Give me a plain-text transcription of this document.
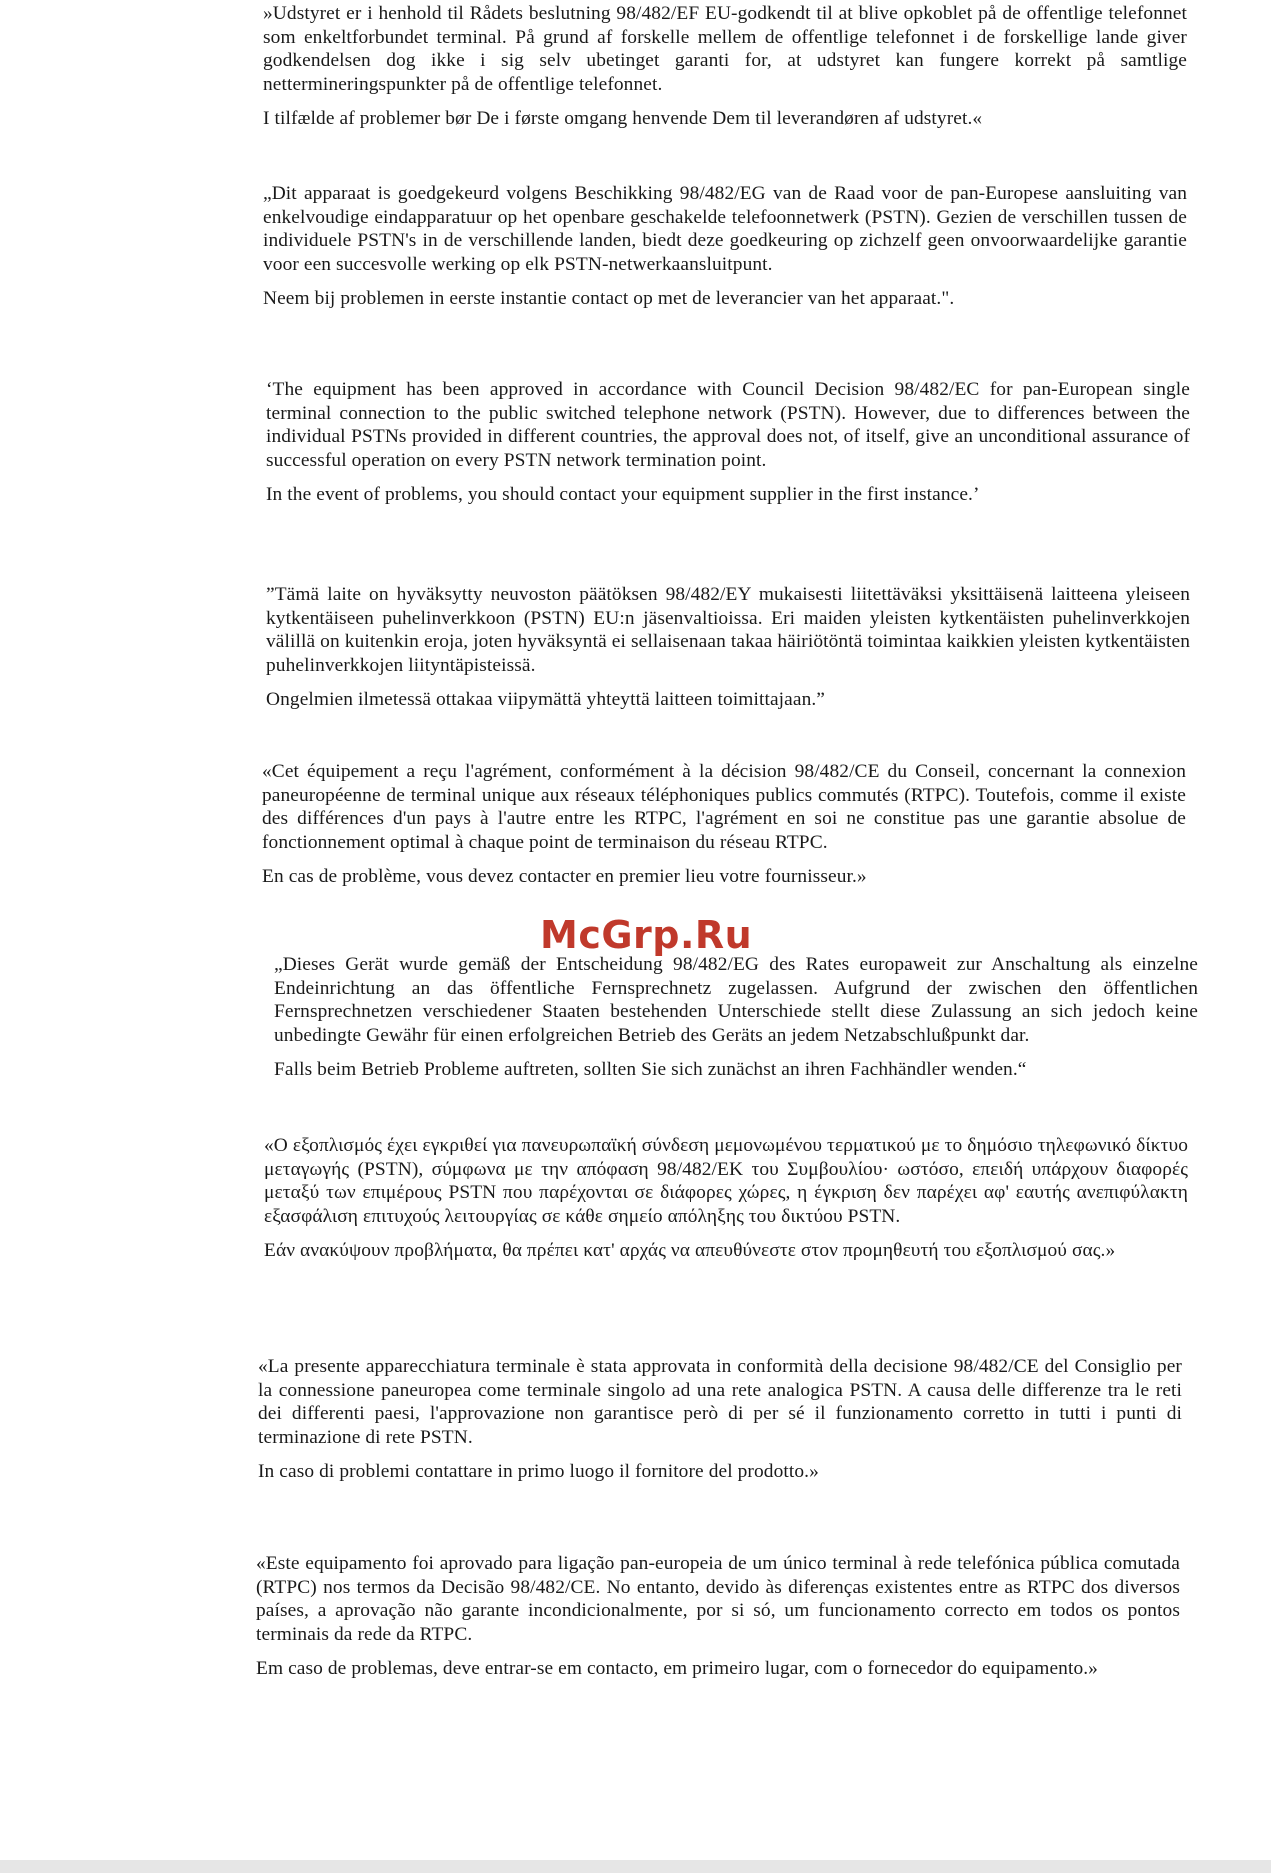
»Udstyret er i henhold til Rådets beslutning 98/482/EF EU-godkendt til at blive opkoblet på de offentlige telefonnet som enkeltforbundet terminal. På grund af forskelle mellem de offentlige telefonnet i de forskellige lande giver godkendelsen dog ikke i sig selv ubetinget garanti for, at udstyret kan fungere korrekt på samtlige nettermineringspunkter på de offentlige telefonnet.

I tilfælde af problemer bør De i første omgang henvende Dem til leverandøren af udstyret.«

„Dit apparaat is goedgekeurd volgens Beschikking 98/482/EG van de Raad voor de pan-Europese aansluiting van enkelvoudige eindapparatuur op het openbare geschakelde telefoonnetwerk (PSTN). Gezien de verschillen tussen de individuele PSTN's in de verschillende landen, biedt deze goedkeuring op zichzelf geen onvoorwaardelijke garantie voor een succesvolle werking op elk PSTN-netwerkaansluitpunt.

Neem bij problemen in eerste instantie contact op met de leverancier van het apparaat.".

‘The equipment has been approved in accordance with Council Decision 98/482/EC for pan-European single terminal connection to the public switched telephone network (PSTN). However, due to differences between the individual PSTNs provided in different countries, the approval does not, of itself, give an unconditional assurance of successful operation on every PSTN network termination point.

In the event of problems, you should contact your equipment supplier in the first instance.’

”Tämä laite on hyväksytty neuvoston päätöksen 98/482/EY mukaisesti liitettäväksi yksittäisenä laitteena yleiseen kytkentäiseen puhelinverkkoon (PSTN) EU:n jäsenvaltioissa. Eri maiden yleisten kytkentäisten puhelinverkkojen välillä on kuitenkin eroja, joten hyväksyntä ei sellaisenaan takaa häiriötöntä toimintaa kaikkien yleisten kytkentäisten puhelinverkkojen liityntäpisteissä.

Ongelmien ilmetessä ottakaa viipymättä yhteyttä laitteen toimittajaan.”

«Cet équipement a reçu l'agrément, conformément à la décision 98/482/CE du Conseil, concernant la connexion paneuropéenne de terminal unique aux réseaux téléphoniques publics commutés (RTPC). Toutefois, comme il existe des différences d'un pays à l'autre entre les RTPC, l'agrément en soi ne constitue pas une garantie absolue de fonctionnement optimal à chaque point de terminaison du réseau RTPC.

En cas de problème, vous devez contacter en premier lieu votre fournisseur.»

„Dieses Gerät wurde gemäß der Entscheidung 98/482/EG des Rates europaweit zur Anschaltung als einzelne Endeinrichtung an das öffentliche Fernsprechnetz zugelassen. Aufgrund der zwischen den öffentlichen Fernsprechnetzen verschiedener Staaten bestehenden Unterschiede stellt diese Zulassung an sich jedoch keine unbedingte Gewähr für einen erfolgreichen Betrieb des Geräts an jedem Netzabschlußpunkt dar.

Falls beim Betrieb Probleme auftreten, sollten Sie sich zunächst an ihren Fachhändler wenden.“

«Ο εξοπλισμός έχει εγκριθεί για πανευρωπαϊκή σύνδεση μεμονωμένου τερματικού με το δημόσιο τηλεφωνικό δίκτυο μεταγωγής (PSTN), σύμφωνα με την απόφαση 98/482/ΕΚ του Συμβουλίου· ωστόσο, επειδή υπάρχουν διαφορές μεταξύ των επιμέρους PSTN που παρέχονται σε διάφορες χώρες, η έγκριση δεν παρέχει αφ' εαυτής ανεπιφύλακτη εξασφάλιση επιτυχούς λειτουργίας σε κάθε σημείο απόληξης του δικτύου PSTN.

Εάν ανακύψουν προβλήματα, θα πρέπει κατ' αρχάς να απευθύνεστε στον προμηθευτή του εξοπλισμού σας.»

«La presente apparecchiatura terminale è stata approvata in conformità della decisione 98/482/CE del Consiglio per la connessione paneuropea come terminale singolo ad una rete analogica PSTN. A causa delle differenze tra le reti dei differenti paesi, l'approvazione non garantisce però di per sé il funzionamento corretto in tutti i punti di terminazione di rete PSTN.

In caso di problemi contattare in primo luogo il fornitore del prodotto.»

«Este equipamento foi aprovado para ligação pan-europeia de um único terminal à rede telefónica pública comutada (RTPC) nos termos da Decisão 98/482/CE. No entanto, devido às diferenças existentes entre as RTPC dos diversos países, a aprovação não garante incondicionalmente, por si só, um funcionamento correcto em todos os pontos terminais da rede da RTPC.

Em caso de problemas, deve entrar-se em contacto, em primeiro lugar, com o fornecedor do equipamento.»

McGrp.Ru
